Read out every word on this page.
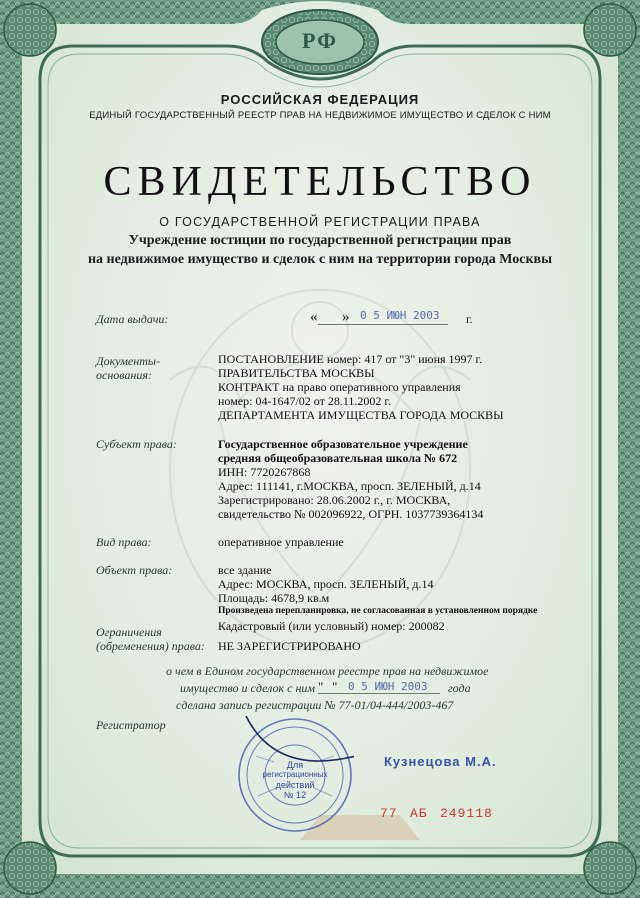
РФ
РОССИЙСКАЯ ФЕДЕРАЦИЯ
ЕДИНЫЙ ГОСУДАРСТВЕННЫЙ РЕЕСТР ПРАВ НА НЕДВИЖИМОЕ ИМУЩЕСТВО И СДЕЛОК С НИМ
СВИДЕТЕЛЬСТВО
О ГОСУДАРСТВЕННОЙ РЕГИСТРАЦИИ ПРАВА
Учреждение юстиции по государственной регистрации прав
на недвижимое имущество и сделок с ним на территории города Москвы
Дата выдачи:	« » 0 5 ИЮН 2003 г.
Документы-
основания:
ПОСТАНОВЛЕНИЕ номер: 417 от "3" июня 1997 г.
ПРАВИТЕЛЬСТВА МОСКВЫ
КОНТРАКТ на право оперативного управления
номер: 04-1647/02 от 28.11.2002 г.
ДЕПАРТАМЕНТА ИМУЩЕСТВА ГОРОДА МОСКВЫ
Субъект права:	Государственное образовательное учреждение
средняя общеобразовательная школа № 672
ИНН: 7720267868
Адрес: 111141, г.МОСКВА, просп. ЗЕЛЕНЫЙ, д.14
Зарегистрировано: 28.06.2002 г., г. МОСКВА,
свидетельство № 002096922, ОГРН. 1037739364134
Вид права:	оперативное управление
Объект права:	все здание
Адрес: МОСКВА, просп. ЗЕЛЕНЫЙ, д.14
Площадь: 4678,9 кв.м
Произведена перепланировка, не согласованная в установленном порядке
Кадастровый (или условный) номер: 200082
Ограничения
(обременения) права: НЕ ЗАРЕГИСТРИРОВАНО
о чем в Едином государственном реестре прав на недвижимое
имущество и сделок с ним " " 0 5 ИЮН 2003 года
сделана запись регистрации № 77-01/04-444/2003-467
Регистратор
Для
регистрационных
действий
№ 12
Кузнецова М.А.
77 АБ 249118
